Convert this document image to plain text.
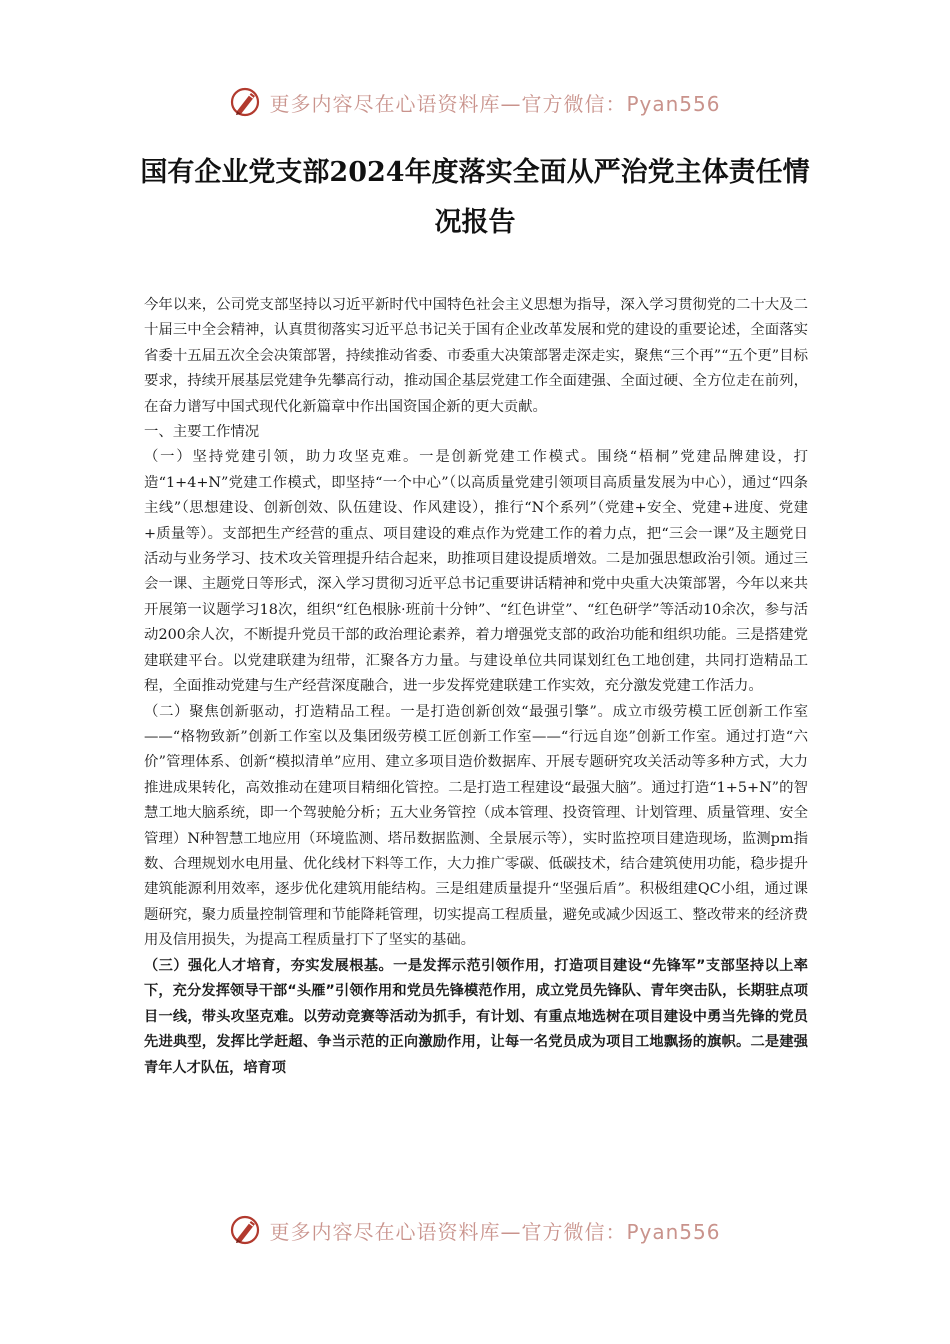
更多内容尽在心语资料库—官方微信：Pyan556
国有企业党支部2024年度落实全面从严治党主体责任情况报告

今年以来，公司党支部坚持以习近平新时代中国特色社会主义思想为指导，深入学习贯彻党的二十大及二十届三中全会精神，认真贯彻落实习近平总书记关于国有企业改革发展和党的建设的重要论述，全面落实省委十五届五次全会决策部署，持续推动省委、市委重大决策部署走深走实，聚焦“三个再”“五个更”目标要求，持续开展基层党建争先攀高行动，推动国企基层党建工作全面建强、全面过硬、全方位走在前列，在奋力谱写中国式现代化新篇章中作出国资国企新的更大贡献。

一、主要工作情况

（一）坚持党建引领，助力攻坚克难。一是创新党建工作模式。围绕“梧桐”党建品牌建设，打造“1+4+N”党建工作模式，即坚持“一个中心”（以高质量党建引领项目高质量发展为中心），通过“四条主线”（思想建设、创新创效、队伍建设、作风建设），推行“N个系列”（党建+安全、党建+进度、党建+质量等）。支部把生产经营的重点、项目建设的难点作为党建工作的着力点，把“三会一课”及主题党日活动与业务学习、技术攻关管理提升结合起来，助推项目建设提质增效。二是加强思想政治引领。通过三会一课、主题党日等形式，深入学习贯彻习近平总书记重要讲话精神和党中央重大决策部署，今年以来共开展第一议题学习18次，组织“红色根脉·班前十分钟”、“红色讲堂”、“红色研学”等活动10余次，参与活动200余人次，不断提升党员干部的政治理论素养，着力增强党支部的政治功能和组织功能。三是搭建党建联建平台。以党建联建为纽带，汇聚各方力量。与建设单位共同谋划红色工地创建，共同打造精品工程，全面推动党建与生产经营深度融合，进一步发挥党建联建工作实效，充分激发党建工作活力。

（二）聚焦创新驱动，打造精品工程。一是打造创新创效“最强引擎”。成立市级劳模工匠创新工作室——“格物致新”创新工作室以及集团级劳模工匠创新工作室——“行远自迩”创新工作室。通过打造“六价”管理体系、创新“模拟清单”应用、建立多项目造价数据库、开展专题研究攻关活动等多种方式，大力推进成果转化，高效推动在建项目精细化管控。二是打造工程建设“最强大脑”。通过打造“1+5+N”的智慧工地大脑系统，即一个驾驶舱分析；五大业务管控（成本管理、投资管理、计划管理、质量管理、安全管理）N种智慧工地应用（环境监测、塔吊数据监测、全景展示等），实时监控项目建造现场，监测pm指数、合理规划水电用量、优化线材下料等工作，大力推广零碳、低碳技术，结合建筑使用功能，稳步提升建筑能源利用效率，逐步优化建筑用能结构。三是组建质量提升“坚强后盾”。积极组建QC小组，通过课题研究，聚力质量控制管理和节能降耗管理，切实提高工程质量，避免或减少因返工、整改带来的经济费用及信用损失，为提高工程质量打下了坚实的基础。

（三）强化人才培育，夯实发展根基。一是发挥示范引领作用，打造项目建设“先锋军”支部坚持以上率下，充分发挥领导干部“头雁”引领作用和党员先锋模范作用，成立党员先锋队、青年突击队，长期驻点项目一线，带头攻坚克难。以劳动竞赛等活动为抓手，有计划、有重点地选树在项目建设中勇当先锋的党员先进典型，发挥比学赶超、争当示范的正向激励作用，让每一名党员成为项目工地飘扬的旗帜。二是建强青年人才队伍，培育项

更多内容尽在心语资料库—官方微信：Pyan556
